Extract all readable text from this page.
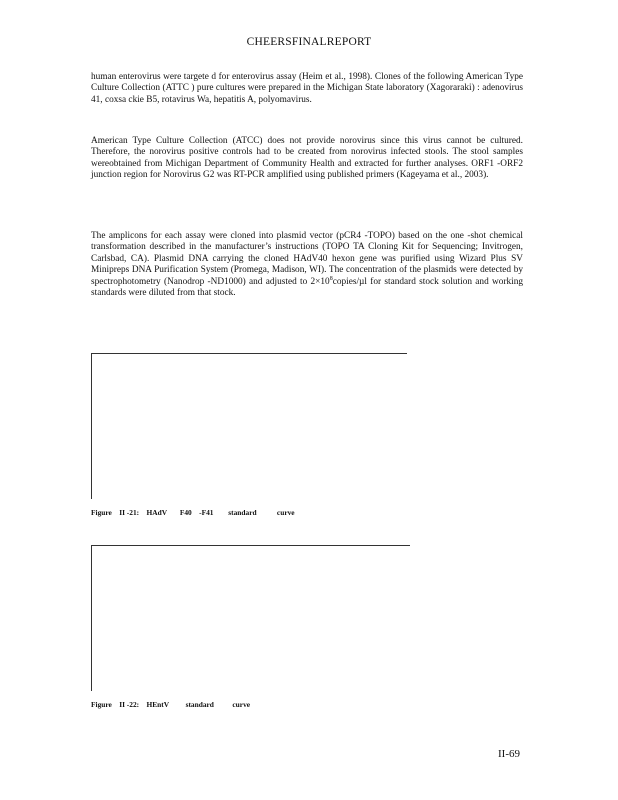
CHEERSFINALREPORT

human enterovirus were targete d for enterovirus assay (Heim et al., 1998). Clones of the following American Type Culture Collection (ATTC ) pure cultures were prepared in the Michigan State laboratory (Xagoraraki) : adenovirus 41, coxsa ckie B5, rotavirus Wa, hepatitis A, polyomavirus.

American Type Culture Collection (ATCC) does not provide norovirus since this virus cannot be cultured. Therefore, the norovirus positive controls had to be created from norovirus infected stools. The stool samples wereobtained from Michigan Department of Community Health and extracted for further analyses. ORF1 -ORF2 junction region for Norovirus G2 was RT-PCR amplified using published primers (Kageyama et al., 2003).

The amplicons for each assay were cloned into plasmid vector (pCR4 -TOPO) based on the one -shot chemical transformation described in the manufacturer’s instructions (TOPO TA Cloning Kit for Sequencing; Invitrogen, Carlsbad, CA). Plasmid DNA carrying the cloned HAdV40 hexon gene was purified using Wizard Plus SV Minipreps DNA Purification System (Promega, Madison, WI). The concentration of the plasmids were detected by spectrophotometry (Nanodrop -ND1000) and adjusted to $2\times 10^8copies/\mu l$ for standard stock solution and working standards were diluted from that stock.

Figure    II -21:    HAdV       F40    -F41        standard           curve
Figure    II -22:    HEntV         standard          curve
II-69
